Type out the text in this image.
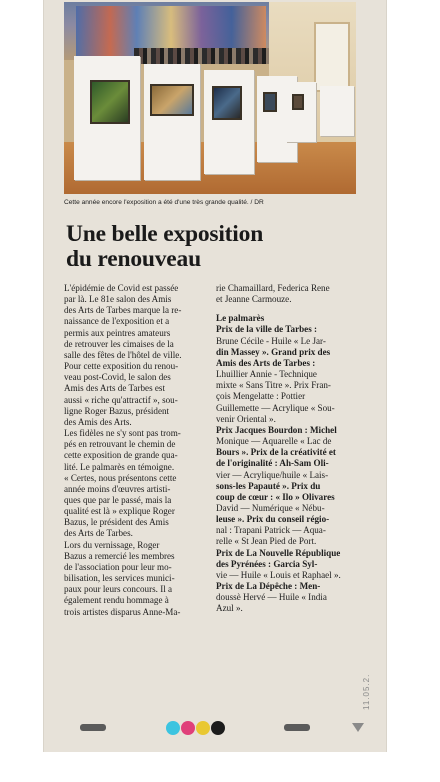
Cette année encore l'exposition a été d'une très grande qualité. / DR
Une belle exposition
du renouveau
L'épidémie de Covid est passée
par là. Le 81e salon des Amis
des Arts de Tarbes marque la re-
naissance de l'exposition et a
permis aux peintres amateurs
de retrouver les cimaises de la
salle des fêtes de l'hôtel de ville.
Pour cette exposition du renou-
veau post-Covid, le salon des
Amis des Arts de Tarbes est
aussi « riche qu'attractif », sou-
ligne Roger Bazus, président
des Amis des Arts.
Les fidèles ne s'y sont pas trom-
pés en retrouvant le chemin de
cette exposition de grande qua-
lité. Le palmarès en témoigne.
« Certes, nous présentons cette
année moins d'œuvres artisti-
ques que par le passé, mais la
qualité est là » explique Roger
Bazus, le président des Amis
des Arts de Tarbes.
Lors du vernissage, Roger
Bazus a remercié les membres
de l'association pour leur mo-
bilisation, les services munici-
paux pour leurs concours. Il a
également rendu hommage à
trois artistes disparus Anne-Ma-
rie Chamaillard, Federica Rene
et Jeanne Carmouze.
Le palmarès
Prix de la ville de Tarbes :
Brune Cécile - Huile « Le Jar-
din Massey ». Grand prix des
Amis des Arts de Tarbes :
Lhuillier Annie - Technique
mixte « Sans Titre ». Prix Fran-
çois Mengelatte : Pottier
Guillemette — Acrylique « Sou-
venir Oriental ».
Prix Jacques Bourdon : Michel
Monique — Aquarelle « Lac de
Bours ». Prix de la créativité et
de l'originalité : Ah-Sam Oli-
vier — Acrylique/huile « Lais-
sons-les Papauté ». Prix du
coup de cœur : « Ilo » Olivares
David — Numérique « Nébu-
leuse ». Prix du conseil régio-
nal : Trapani Patrick — Aqua-
relle « St Jean Pied de Port.
Prix de La Nouvelle République
des Pyrénées : Garcia Syl-
vie — Huile « Louis et Raphael ».
Prix de La Dépêche : Men-
doussè Hervé — Huile « India
Azul ».
11.05.2.
